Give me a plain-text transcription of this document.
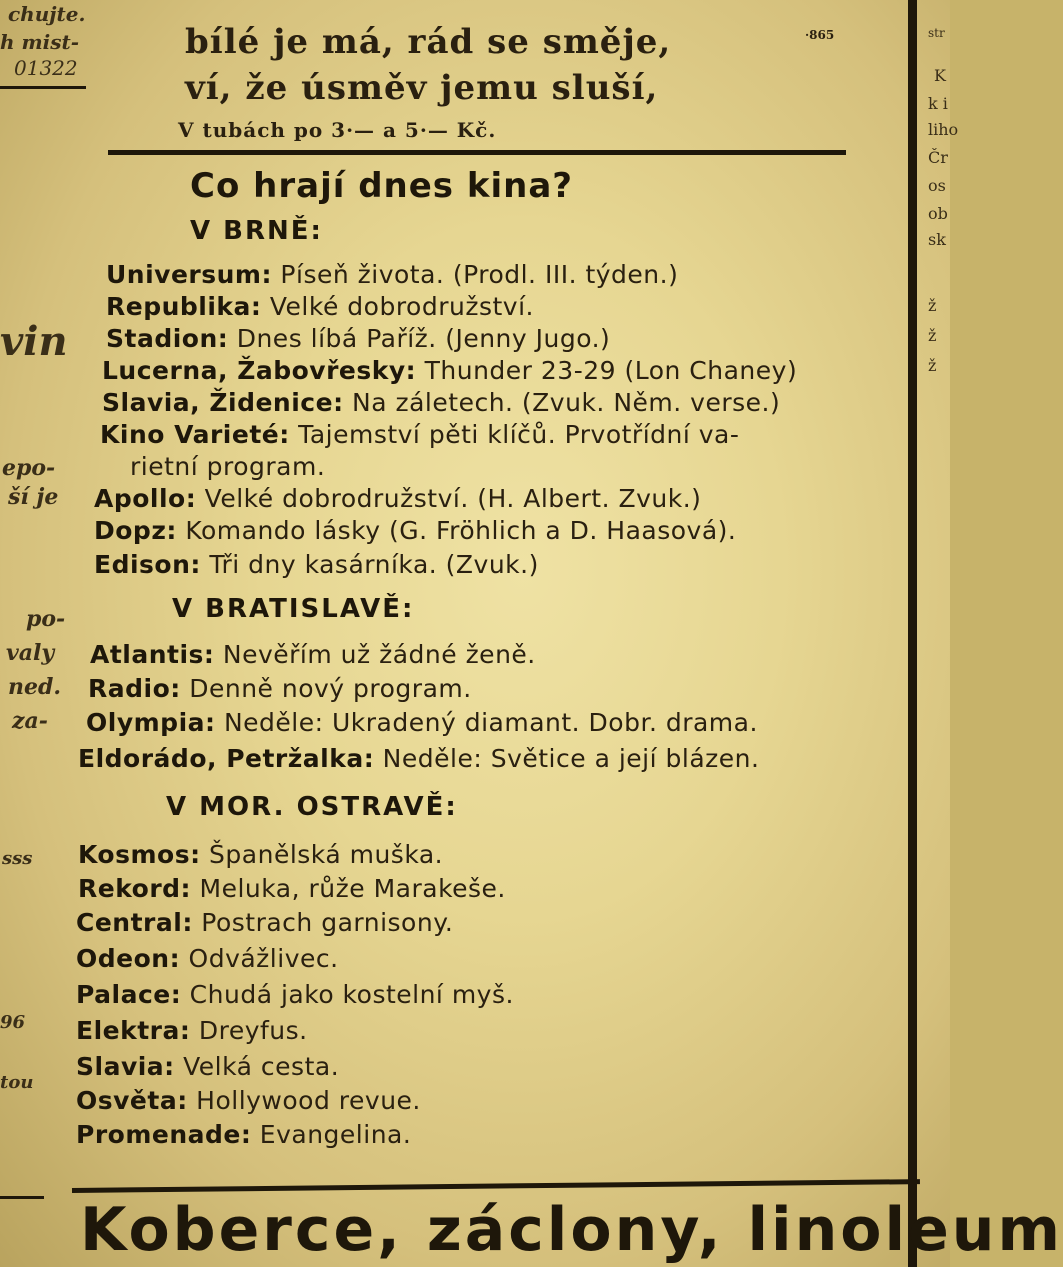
chujte.
h mist-
01322
vin
epo-
ší je
po-
valy
ned.
za-
sss
96
tou
str
K
k i
liho
Čr
os
ob
sk
ž
ž
ž
bílé je má, rád se směje,
ví, že úsměv jemu sluší,
·865
V tubách po 3·— a 5·— Kč.
Co hrají dnes kina?
V BRNĚ:
Universum: Píseň života. (Prodl. III. týden.)
Republika: Velké dobrodružství.
Stadion: Dnes líbá Paříž. (Jenny Jugo.)
Lucerna, Žabovřesky: Thunder 23-29 (Lon Chaney)
Slavia, Židenice: Na záletech. (Zvuk. Něm. verse.)
Kino Varieté: Tajemství pěti klíčů. Prvotřídní va-
rietní program.
Apollo: Velké dobrodružství. (H. Albert. Zvuk.)
Dopz: Komando lásky (G. Fröhlich a D. Haasová).
Edison: Tři dny kasárníka. (Zvuk.)
V BRATISLAVĚ:
Atlantis: Nevěřím už žádné ženě.
Radio: Denně nový program.
Olympia: Neděle: Ukradený diamant. Dobr. drama.
Eldorádo, Petržalka: Neděle: Světice a její blázen.
V MOR. OSTRAVĚ:
Kosmos: Španělská muška.
Rekord: Meluka, růže Marakeše.
Central: Postrach garnisony.
Odeon: Odvážlivec.
Palace: Chudá jako kostelní myš.
Elektra: Dreyfus.
Slavia: Velká cesta.
Osvěta: Hollywood revue.
Promenade: Evangelina.
Koberce, záclony, linoleum
